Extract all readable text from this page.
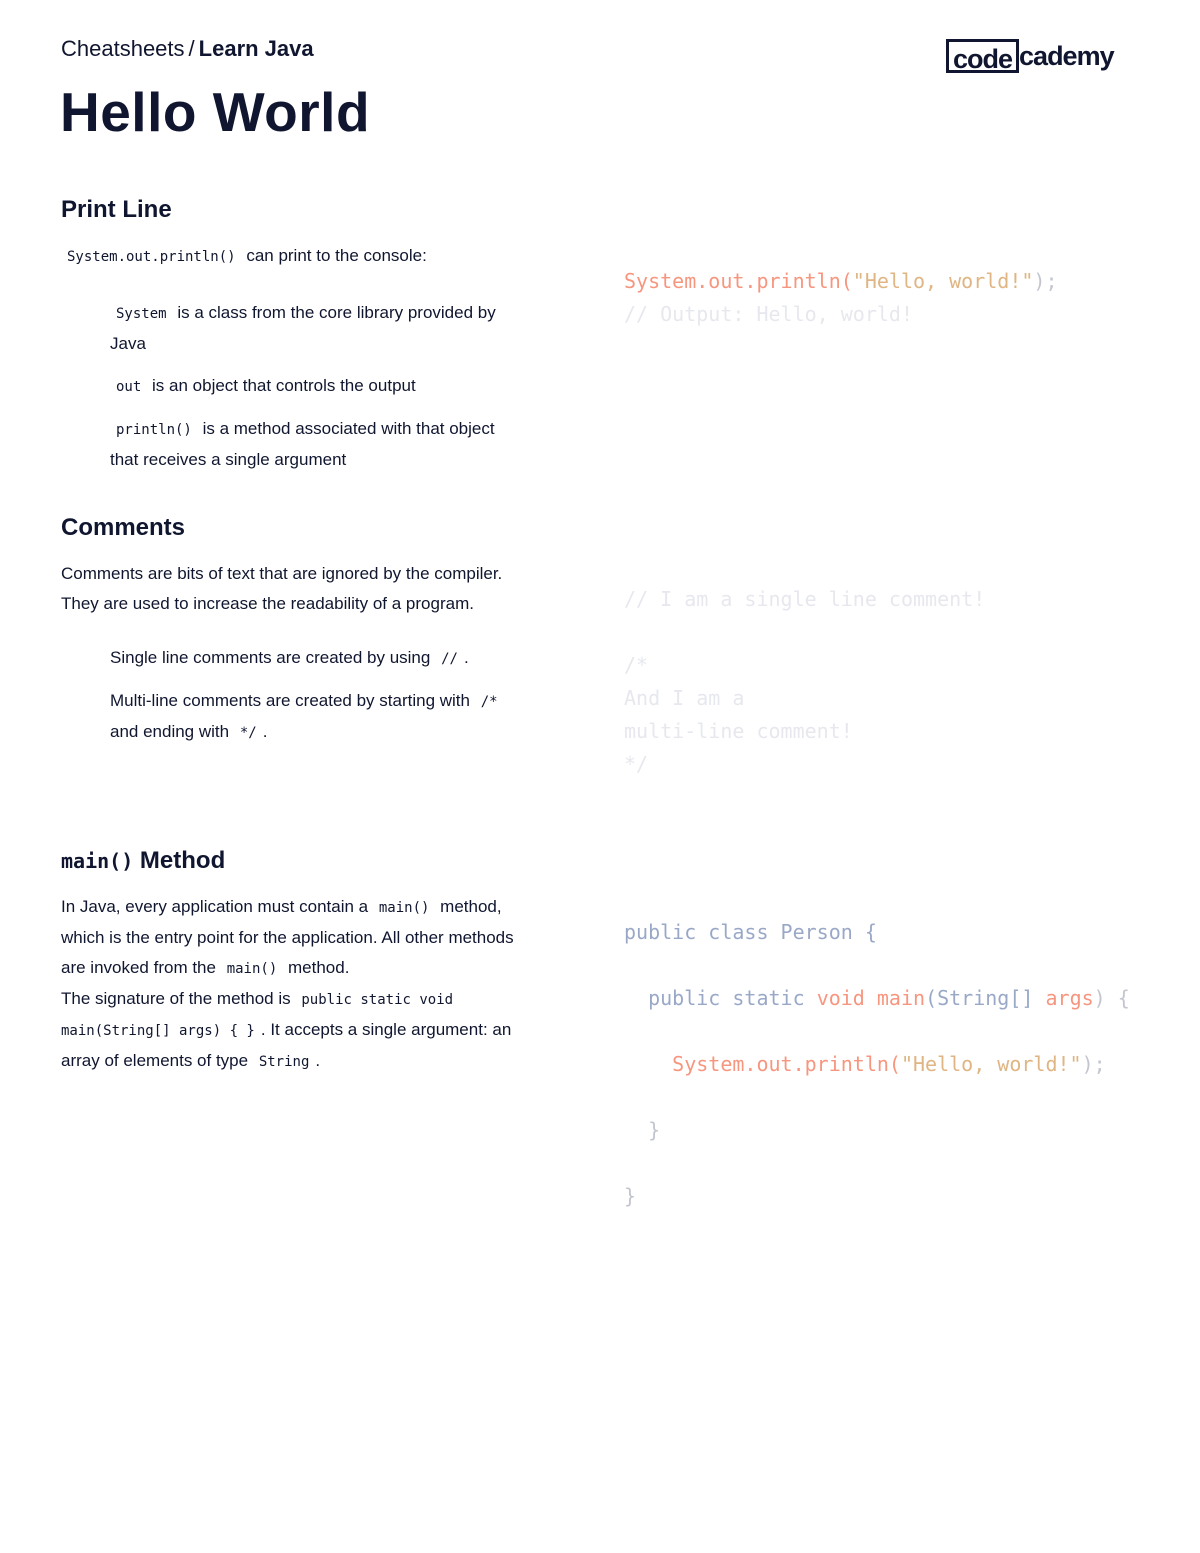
Cheatsheets / Learn Java	code cademy
Hello World
Print Line

System.out.println() can print to the console:

System is a class from the core library provided by Java
out is an object that controls the output
println() is a method associated with that object that receives a single argument
System.out.println("Hello, world!");
// Output: Hello, world!
Comments

Comments are bits of text that are ignored by the compiler. They are used to increase the readability of a program.

Single line comments are created by using // .
Multi-line comments are created by starting with /* and ending with */ .
// I am a single line comment!

/*
And I am a
multi-line comment!
*/
main() Method

In Java, every application must contain a main() method, which is the entry point for the application. All other methods are invoked from the main() method.
The signature of the method is public static void main(String[] args) { } . It accepts a single argument: an array of elements of type String .

public class Person {

public static void main(String[] args) {

System.out.println("Hello, world!");

}

}
